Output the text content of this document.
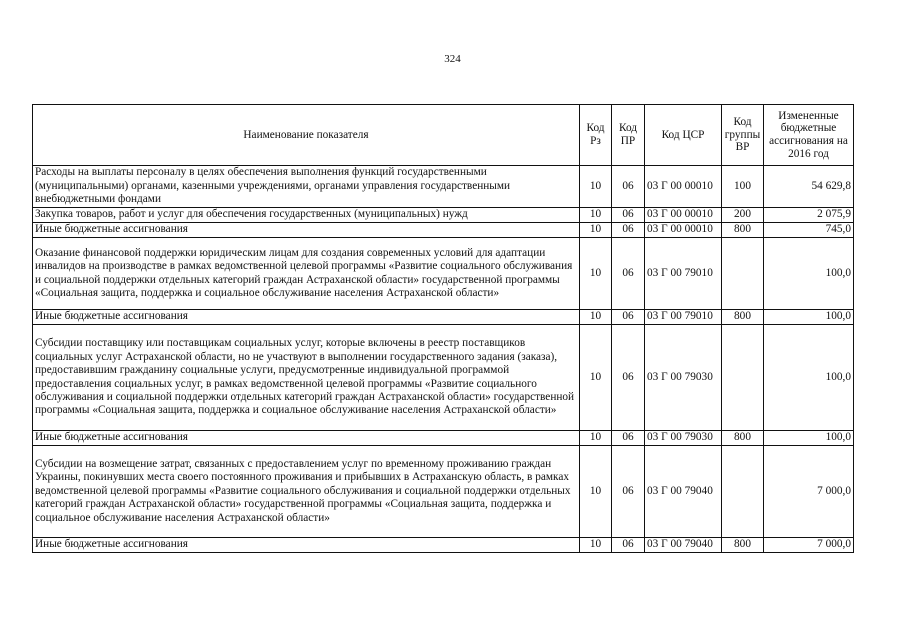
324
Наименование показателя	Код Рз	Код ПР	Код ЦСР	Код группы ВР	Измененные бюджетные ассигнования на 2016 год
Расходы на выплаты персоналу в целях обеспечения выполнения функций государственными (муниципальными) органами, казенными учреждениями, органами управления государственными внебюджетными фондами	10	06	03 Г 00 00010	100	54 629,8
Закупка товаров, работ и услуг для обеспечения государственных (муниципальных) нужд	10	06	03 Г 00 00010	200	2 075,9
Иные бюджетные ассигнования	10	06	03 Г 00 00010	800	745,0
Оказание финансовой поддержки юридическим лицам для создания современных условий для адаптации инвалидов на производстве в рамках ведомственной целевой программы «Развитие социального обслуживания и социальной поддержки отдельных категорий граждан Астраханской области» государственной программы «Социальная защита, поддержка и социальное обслуживание населения Астраханской области»	10	06	03 Г 00 79010		100,0
Иные бюджетные ассигнования	10	06	03 Г 00 79010	800	100,0
Субсидии поставщику или поставщикам социальных услуг, которые включены в реестр поставщиков социальных услуг Астраханской области, но не участвуют в выполнении государственного задания (заказа), предоставившим гражданину социальные услуги, предусмотренные индивидуальной программой предоставления социальных услуг, в рамках ведомственной целевой программы «Развитие социального обслуживания и социальной поддержки отдельных категорий граждан Астраханской области» государственной программы «Социальная защита, поддержка и социальное обслуживание населения Астраханской области»	10	06	03 Г 00 79030		100,0
Иные бюджетные ассигнования	10	06	03 Г 00 79030	800	100,0
Субсидии на возмещение затрат, связанных с предоставлением услуг по временному проживанию граждан Украины, покинувших места своего постоянного проживания и прибывших в Астраханскую область, в рамках ведомственной целевой программы «Развитие социального обслуживания и социальной поддержки отдельных категорий граждан Астраханской области» государственной программы «Социальная защита, поддержка и социальное обслуживание населения Астраханской области»	10	06	03 Г 00 79040		7 000,0
Иные бюджетные ассигнования	10	06	03 Г 00 79040	800	7 000,0
